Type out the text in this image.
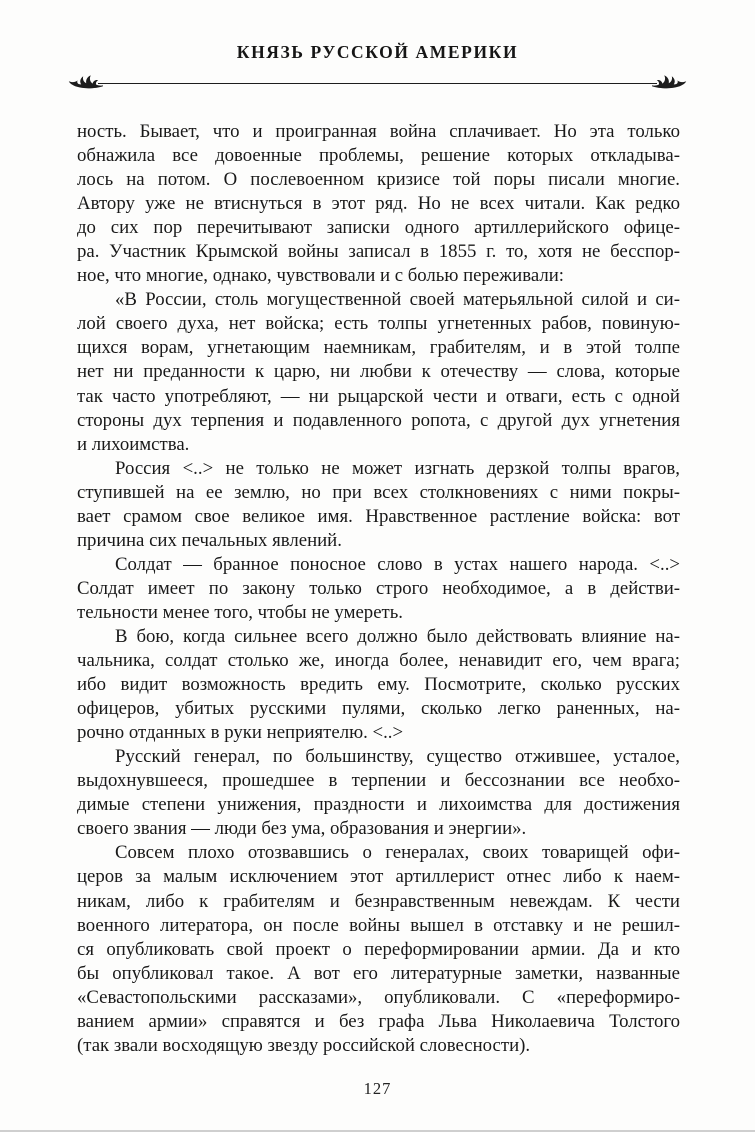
КНЯЗЬ РУССКОЙ АМЕРИКИ
ность. Бывает, что и проигранная война сплачивает. Но эта только
обнажила все довоенные проблемы, решение которых откладыва-
лось на потом. О послевоенном кризисе той поры писали многие.
Автору уже не втиснуться в этот ряд. Но не всех читали. Как редко
до сих пор перечитывают записки одного артиллерийского офице-
ра. Участник Крымской войны записал в 1855 г. то, хотя не бесспор-
ное, что многие, однако, чувствовали и с болью переживали:
«В России, столь могущественной своей матерьяльной силой и си-
лой своего духа, нет войска; есть толпы угнетенных рабов, повиную-
щихся ворам, угнетающим наемникам, грабителям, и в этой толпе
нет ни преданности к царю, ни любви к отечеству — слова, которые
так часто употребляют, — ни рыцарской чести и отваги, есть с одной
стороны дух терпения и подавленного ропота, с другой дух угнетения
и лихоимства.
Россия <..> не только не может изгнать дерзкой толпы врагов,
ступившей на ее землю, но при всех столкновениях с ними покры-
вает срамом свое великое имя. Нравственное растление войска: вот
причина сих печальных явлений.
Солдат — бранное поносное слово в устах нашего народа. <..>
Солдат имеет по закону только строго необходимое, а в действи-
тельности менее того, чтобы не умереть.
В бою, когда сильнее всего должно было действовать влияние на-
чальника, солдат столько же, иногда более, ненавидит его, чем врага;
ибо видит возможность вредить ему. Посмотрите, сколько русских
офицеров, убитых русскими пулями, сколько легко раненных, на-
рочно отданных в руки неприятелю. <..>
Русский генерал, по большинству, существо отжившее, усталое,
выдохнувшееся, прошедшее в терпении и бессознании все необхо-
димые степени унижения, праздности и лихоимства для достижения
своего звания — люди без ума, образования и энергии».
Совсем плохо отозвавшись о генералах, своих товарищей офи-
церов за малым исключением этот артиллерист отнес либо к наем-
никам, либо к грабителям и безнравственным невеждам. К чести
военного литератора, он после войны вышел в отставку и не решил-
ся опубликовать свой проект о переформировании армии. Да и кто
бы опубликовал такое. А вот его литературные заметки, названные
«Севастопольскими рассказами», опубликовали. С «переформиро-
ванием армии» справятся и без графа Льва Николаевича Толстого
(так звали восходящую звезду российской словесности).
127
